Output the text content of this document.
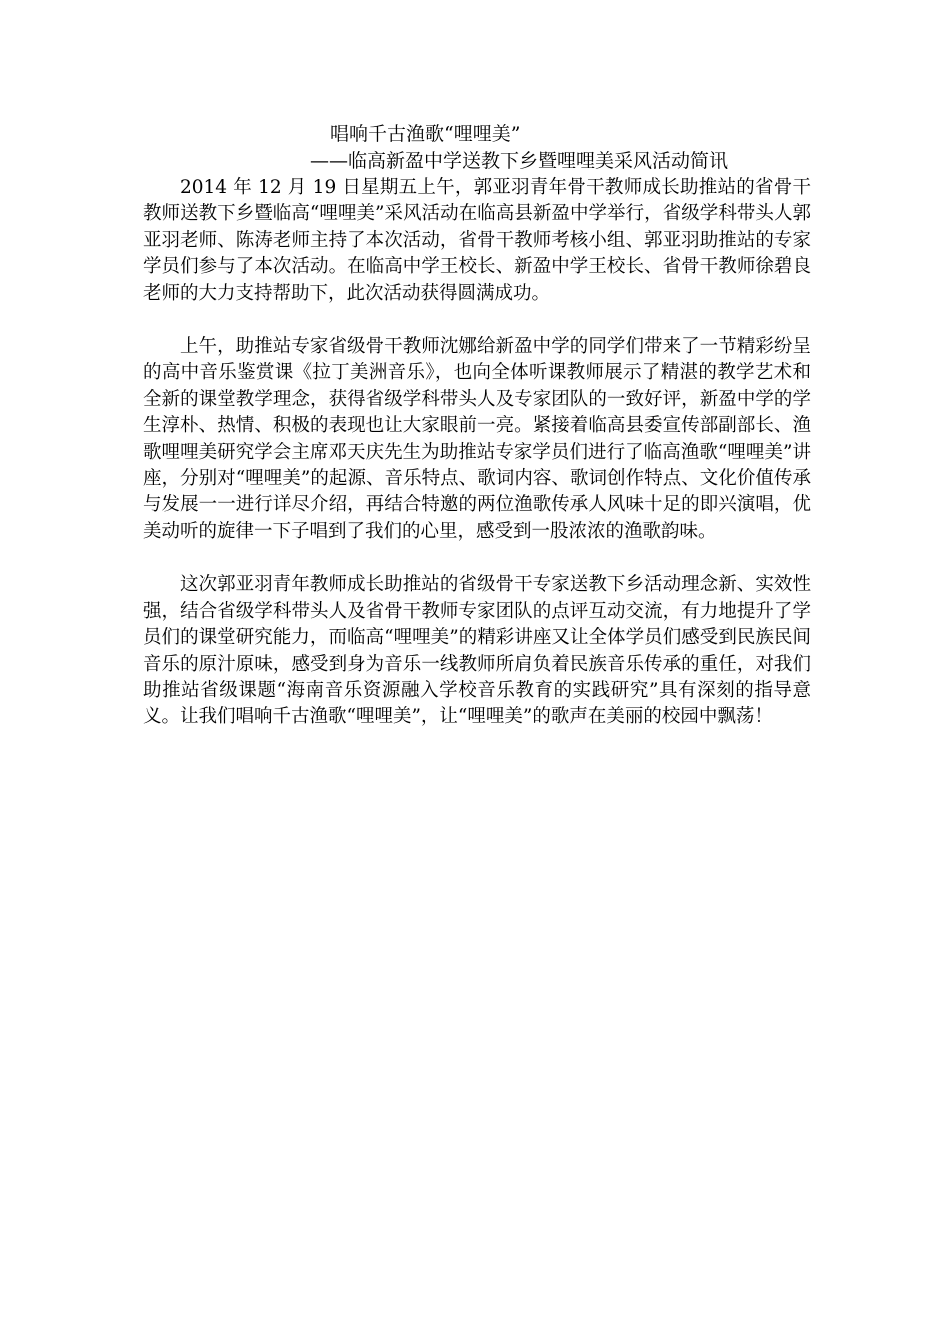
唱响千古渔歌“哩哩美”
——临高新盈中学送教下乡暨哩哩美采风活动简讯

2014 年 12 月 19 日星期五上午，郭亚羽青年骨干教师成长助推站的省骨干教师送教下乡暨临高“哩哩美”采风活动在临高县新盈中学举行，省级学科带头人郭亚羽老师、陈涛老师主持了本次活动，省骨干教师考核小组、郭亚羽助推站的专家学员们参与了本次活动。在临高中学王校长、新盈中学王校长、省骨干教师徐碧良老师的大力支持帮助下，此次活动获得圆满成功。

上午，助推站专家省级骨干教师沈娜给新盈中学的同学们带来了一节精彩纷呈的高中音乐鉴赏课《拉丁美洲音乐》，也向全体听课教师展示了精湛的教学艺术和全新的课堂教学理念，获得省级学科带头人及专家团队的一致好评，新盈中学的学生淳朴、热情、积极的表现也让大家眼前一亮。紧接着临高县委宣传部副部长、渔歌哩哩美研究学会主席邓天庆先生为助推站专家学员们进行了临高渔歌“哩哩美”讲座，分别对“哩哩美”的起源、音乐特点、歌词内容、歌词创作特点、文化价值传承与发展一一进行详尽介绍，再结合特邀的两位渔歌传承人风味十足的即兴演唱，优美动听的旋律一下子唱到了我们的心里，感受到一股浓浓的渔歌韵味。

这次郭亚羽青年教师成长助推站的省级骨干专家送教下乡活动理念新、实效性强，结合省级学科带头人及省骨干教师专家团队的点评互动交流，有力地提升了学员们的课堂研究能力，而临高“哩哩美”的精彩讲座又让全体学员们感受到民族民间音乐的原汁原味，感受到身为音乐一线教师所肩负着民族音乐传承的重任，对我们助推站省级课题“海南音乐资源融入学校音乐教育的实践研究”具有深刻的指导意义。让我们唱响千古渔歌“哩哩美”，让“哩哩美”的歌声在美丽的校园中飘荡！
